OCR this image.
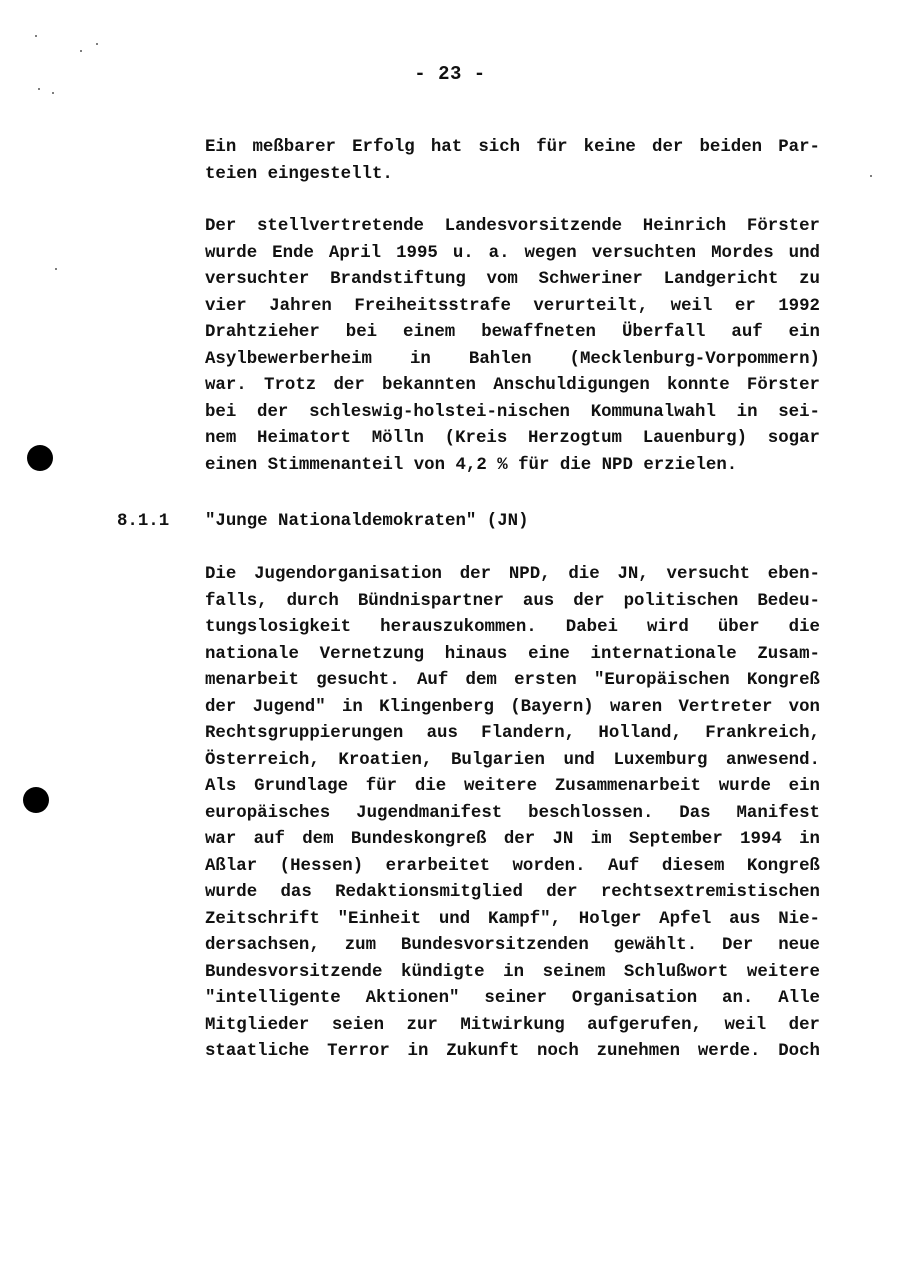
- 23 -
Ein meßbarer Erfolg hat sich für keine der beiden Par-
teien eingestellt.
Der stellvertretende Landesvorsitzende Heinrich Förster
wurde Ende April 1995 u. a. wegen versuchten Mordes und
versuchter Brandstiftung vom Schweriner Landgericht zu
vier Jahren Freiheitsstrafe verurteilt, weil er 1992
Drahtzieher bei einem bewaffneten Überfall auf ein
Asylbewerberheim in Bahlen (Mecklenburg-Vorpommern)
war. Trotz der bekannten Anschuldigungen konnte Förster
bei der schleswig-holstei-nischen Kommunalwahl in sei-
nem Heimatort Mölln (Kreis Herzogtum Lauenburg) sogar
einen Stimmenanteil von 4,2 % für die NPD erzielen.
8.1.1 "Junge Nationaldemokraten" (JN)
Die Jugendorganisation der NPD, die JN, versucht eben-
falls, durch Bündnispartner aus der politischen Bedeu-
tungslosigkeit herauszukommen. Dabei wird über die
nationale Vernetzung hinaus eine internationale Zusam-
menarbeit gesucht. Auf dem ersten "Europäischen Kongreß
der Jugend" in Klingenberg (Bayern) waren Vertreter von
Rechtsgruppierungen aus Flandern, Holland, Frankreich,
Österreich, Kroatien, Bulgarien und Luxemburg anwesend.
Als Grundlage für die weitere Zusammenarbeit wurde ein
europäisches Jugendmanifest beschlossen. Das Manifest
war auf dem Bundeskongreß der JN im September 1994 in
Aßlar (Hessen) erarbeitet worden. Auf diesem Kongreß
wurde das Redaktionsmitglied der rechtsextremistischen
Zeitschrift "Einheit und Kampf", Holger Apfel aus Nie-
dersachsen, zum Bundesvorsitzenden gewählt. Der neue
Bundesvorsitzende kündigte in seinem Schlußwort weitere
"intelligente Aktionen" seiner Organisation an. Alle
Mitglieder seien zur Mitwirkung aufgerufen, weil der
staatliche Terror in Zukunft noch zunehmen werde. Doch
